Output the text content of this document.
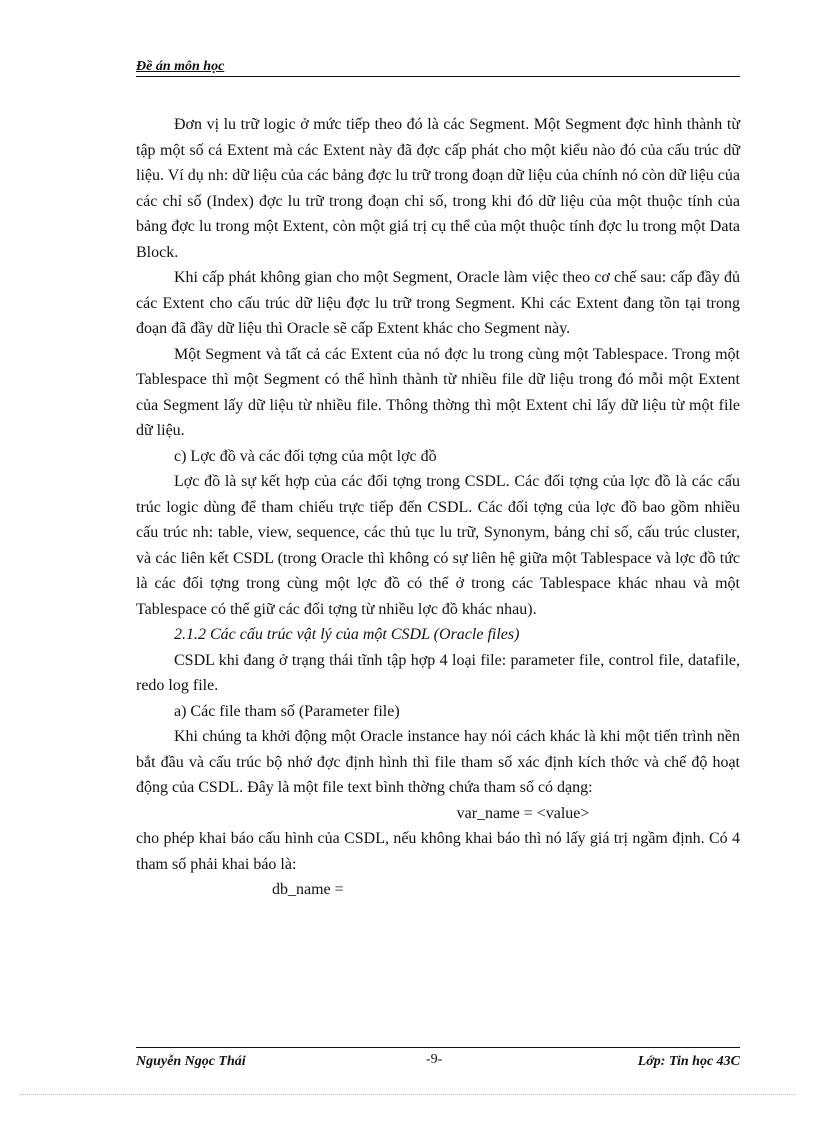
Đề án môn học

Đơn vị lu trữ logic ở mức tiếp theo đó là các Segment. Một Segment đợc hình thành từ tập một số cá Extent mà các Extent này đã đợc cấp phát cho một kiểu nào đó của cấu trúc dữ liệu. Ví dụ nh: dữ liệu của các bảng đợc lu trữ trong đoạn dữ liệu của chính nó còn dữ liệu của các chỉ số (Index) đợc lu trữ trong đoạn chỉ số, trong khi đó dữ liệu của một thuộc tính của bảng đợc lu trong một Extent, còn một giá trị cụ thể của một thuộc tính đợc lu trong một Data Block.

Khi cấp phát không gian cho một Segment, Oracle làm việc theo cơ chế sau: cấp đầy đủ các Extent cho cấu trúc dữ liệu đợc lu trữ trong Segment. Khi các Extent đang tồn tại trong đoạn đã đầy dữ liệu thì Oracle sẽ cấp Extent khác cho Segment này.

Một Segment và tất cả các Extent của nó đợc lu trong cùng một Tablespace. Trong một Tablespace thì một Segment có thể hình thành từ nhiều file dữ liệu trong đó mỗi một Extent của Segment lấy dữ liệu từ nhiều file. Thông thờng thì một Extent chỉ lấy dữ liệu từ một file dữ liệu.

c) Lợc đồ và các đối tợng của một lợc đồ

Lợc đồ là sự kết hợp của các đối tợng trong CSDL. Các đối tợng của lợc đồ là các cấu trúc logic dùng để tham chiếu trực tiếp đến CSDL. Các đối tợng của lợc đồ bao gồm nhiều cấu trúc nh: table, view, sequence, các thủ tục lu trữ, Synonym, bảng chỉ số, cấu trúc cluster, và các liên kết CSDL (trong Oracle thì không có sự liên hệ giữa một Tablespace và lợc đồ tức là các đối tợng trong cùng một lợc đồ có thể ở trong các Tablespace khác nhau và một Tablespace có thể giữ các đối tợng từ nhiều lợc đồ khác nhau).

2.1.2 Các cấu trúc vật lý của một CSDL (Oracle files)

CSDL khi đang ở trạng thái tĩnh tập hợp 4 loại file: parameter file, control file, datafile, redo log file.

a) Các file tham số (Parameter file)

Khi chúng ta khởi động một Oracle instance hay nói cách khác là khi một tiến trình nền bắt đầu và cấu trúc bộ nhớ đợc định hình thì file tham số xác định kích thớc và chế độ hoạt động của CSDL. Đây là một file text bình thờng chứa tham số có dạng:

var_name = <value>

cho phép khai báo cấu hình của CSDL, nếu không khai báo thì nó lấy giá trị ngầm định. Có 4 tham số phải khai báo là:

db_name =

Nguyễn Ngọc Thái	-9-	Lớp: Tin học 43C
